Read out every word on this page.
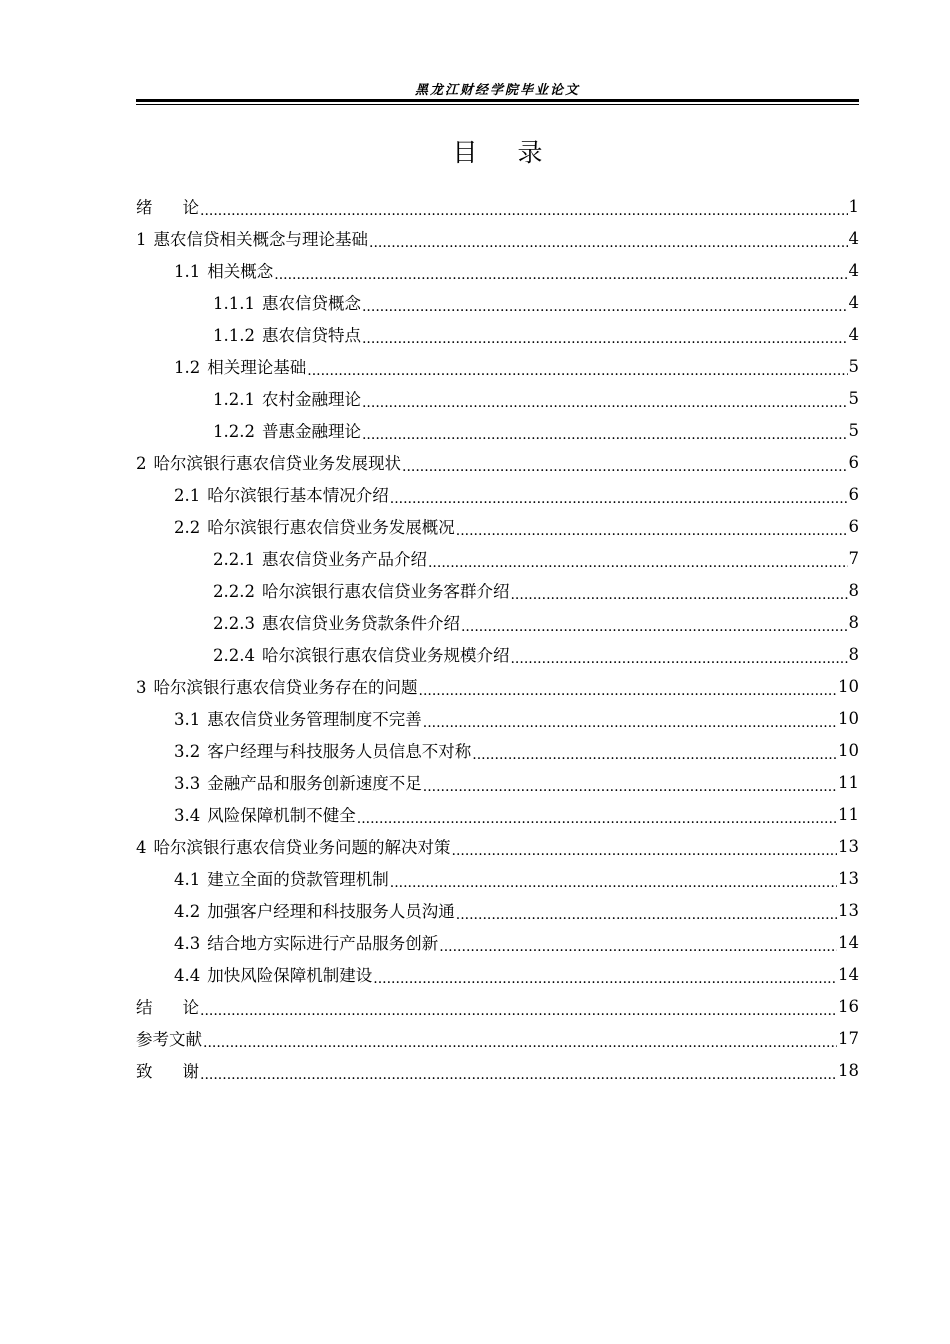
黑龙江财经学院毕业论文
目 录
绪 论 .....	1
1 惠农信贷相关概念与理论基础 .....	4
1.1 相关概念 .....	4
1.1.1 惠农信贷概念 .....	4
1.1.2 惠农信贷特点 .....	4
1.2 相关理论基础 .....	5
1.2.1 农村金融理论 .....	5
1.2.2 普惠金融理论 .....	5
2 哈尔滨银行惠农信贷业务发展现状 .....	6
2.1 哈尔滨银行基本情况介绍 .....	6
2.2 哈尔滨银行惠农信贷业务发展概况 .....	6
2.2.1 惠农信贷业务产品介绍 .....	7
2.2.2 哈尔滨银行惠农信贷业务客群介绍 .....	8
2.2.3 惠农信贷业务贷款条件介绍 .....	8
2.2.4 哈尔滨银行惠农信贷业务规模介绍 .....	8
3 哈尔滨银行惠农信贷业务存在的问题 .....	10
3.1 惠农信贷业务管理制度不完善 .....	10
3.2 客户经理与科技服务人员信息不对称 .....	10
3.3 金融产品和服务创新速度不足 .....	11
3.4 风险保障机制不健全 .....	11
4 哈尔滨银行惠农信贷业务问题的解决对策 .....	13
4.1 建立全面的贷款管理机制 .....	13
4.2 加强客户经理和科技服务人员沟通 .....	13
4.3 结合地方实际进行产品服务创新 .....	14
4.4 加快风险保障机制建设 .....	14
结 论 .....	16
参考文献 .....	17
致 谢 .....	18
